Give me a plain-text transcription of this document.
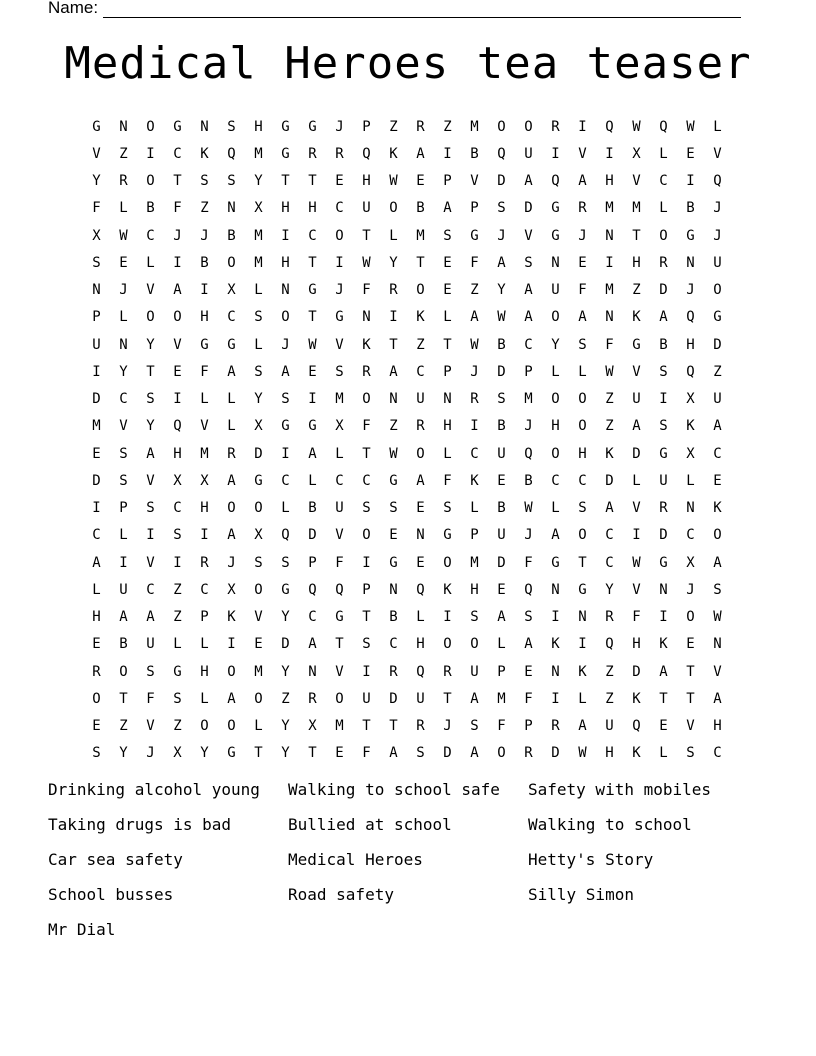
Name:
Medical Heroes tea teaser
G	N	O	G	N	S	H	G	G	J	P	Z	R	Z	M	O	O	R	I	Q	W	Q	W	L
V	Z	I	C	K	Q	M	G	R	R	Q	K	A	I	B	Q	U	I	V	I	X	L	E	V
Y	R	O	T	S	S	Y	T	T	E	H	W	E	P	V	D	A	Q	A	H	V	C	I	Q
F	L	B	F	Z	N	X	H	H	C	U	O	B	A	P	S	D	G	R	M	M	L	B	J
X	W	C	J	J	B	M	I	C	O	T	L	M	S	G	J	V	G	J	N	T	O	G	J
S	E	L	I	B	O	M	H	T	I	W	Y	T	E	F	A	S	N	E	I	H	R	N	U
N	J	V	A	I	X	L	N	G	J	F	R	O	E	Z	Y	A	U	F	M	Z	D	J	O
P	L	O	O	H	C	S	O	T	G	N	I	K	L	A	W	A	O	A	N	K	A	Q	G
U	N	Y	V	G	G	L	J	W	V	K	T	Z	T	W	B	C	Y	S	F	G	B	H	D
I	Y	T	E	F	A	S	A	E	S	R	A	C	P	J	D	P	L	L	W	V	S	Q	Z
D	C	S	I	L	L	Y	S	I	M	O	N	U	N	R	S	M	O	O	Z	U	I	X	U
M	V	Y	Q	V	L	X	G	G	X	F	Z	R	H	I	B	J	H	O	Z	A	S	K	A
E	S	A	H	M	R	D	I	A	L	T	W	O	L	C	U	Q	O	H	K	D	G	X	C
D	S	V	X	X	A	G	C	L	C	C	G	A	F	K	E	B	C	C	D	L	U	L	E
I	P	S	C	H	O	O	L	B	U	S	S	E	S	L	B	W	L	S	A	V	R	N	K
C	L	I	S	I	A	X	Q	D	V	O	E	N	G	P	U	J	A	O	C	I	D	C	O
A	I	V	I	R	J	S	S	P	F	I	G	E	O	M	D	F	G	T	C	W	G	X	A
L	U	C	Z	C	X	O	G	Q	Q	P	N	Q	K	H	E	Q	N	G	Y	V	N	J	S
H	A	A	Z	P	K	V	Y	C	G	T	B	L	I	S	A	S	I	N	R	F	I	O	W
E	B	U	L	L	I	E	D	A	T	S	C	H	O	O	L	A	K	I	Q	H	K	E	N
R	O	S	G	H	O	M	Y	N	V	I	R	Q	R	U	P	E	N	K	Z	D	A	T	V
O	T	F	S	L	A	O	Z	R	O	U	D	U	T	A	M	F	I	L	Z	K	T	T	A
E	Z	V	Z	O	O	L	Y	X	M	T	T	R	J	S	F	P	R	A	U	Q	E	V	H
S	Y	J	X	Y	G	T	Y	T	E	F	A	S	D	A	O	R	D	W	H	K	L	S	C
Drinking alcohol young	Walking to school safe	Safety with mobiles
Taking drugs is bad	Bullied at school	Walking to school
Car sea safety	Medical Heroes	Hetty's Story
School busses	Road safety	Silly Simon
Mr Dial
